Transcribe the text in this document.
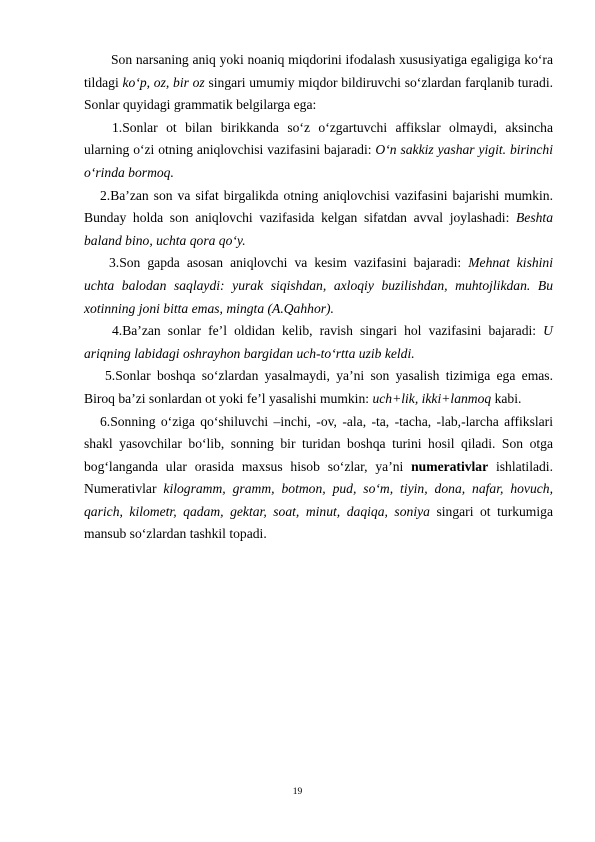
Son narsaning aniq yoki noaniq miqdorini ifodalash xususiyatiga egaligiga ko‘ra tildagi ko‘p, oz, bir oz singari umumiy miqdor bildiruvchi so‘zlardan farqlanib turadi. Sonlar quyidagi grammatik belgilarga ega:

1.Sonlar ot bilan birikkanda so‘z o‘zgartuvchi affikslar olmaydi, aksincha ularning o‘zi otning aniqlovchisi vazifasini bajaradi: O‘n sakkiz yashar yigit. birinchi o‘rinda bormoq.

2.Ba’zan son va sifat birgalikda otning aniqlovchisi vazifasini bajarishi mumkin. Bunday holda son aniqlovchi vazifasida kelgan sifatdan avval joylashadi: Beshta baland bino, uchta qora qo‘y.

3.Son gapda asosan aniqlovchi va kesim vazifasini bajaradi: Mehnat kishini uchta balodan saqlaydi: yurak siqishdan, axloqiy buzilishdan, muhtojlikdan. Bu xotinning joni bitta emas, mingta (A.Qahhor).

4.Ba’zan sonlar fe’l oldidan kelib, ravish singari hol vazifasini bajaradi: U ariqning labidagi oshrayhon bargidan uch-to‘rtta uzib keldi.

5.Sonlar boshqa so‘zlardan yasalmaydi, ya’ni son yasalish tizimiga ega emas. Biroq ba’zi sonlardan ot yoki fe’l yasalishi mumkin: uch+lik, ikki+lanmoq kabi.

6.Sonning o‘ziga qo‘shiluvchi –inchi, -ov, -ala, -ta, -tacha, -lab,-larcha affikslari shakl yasovchilar bo‘lib, sonning bir turidan boshqa turini hosil qiladi. Son otga bog‘langanda ular orasida maxsus hisob so‘zlar, ya’ni numerativlar ishlatiladi. Numerativlar kilogramm, gramm, botmon, pud, so‘m, tiyin, dona, nafar, hovuch, qarich, kilometr, qadam, gektar, soat, minut, daqiqa, soniya singari ot turkumiga mansub so‘zlardan tashkil topadi.

19
